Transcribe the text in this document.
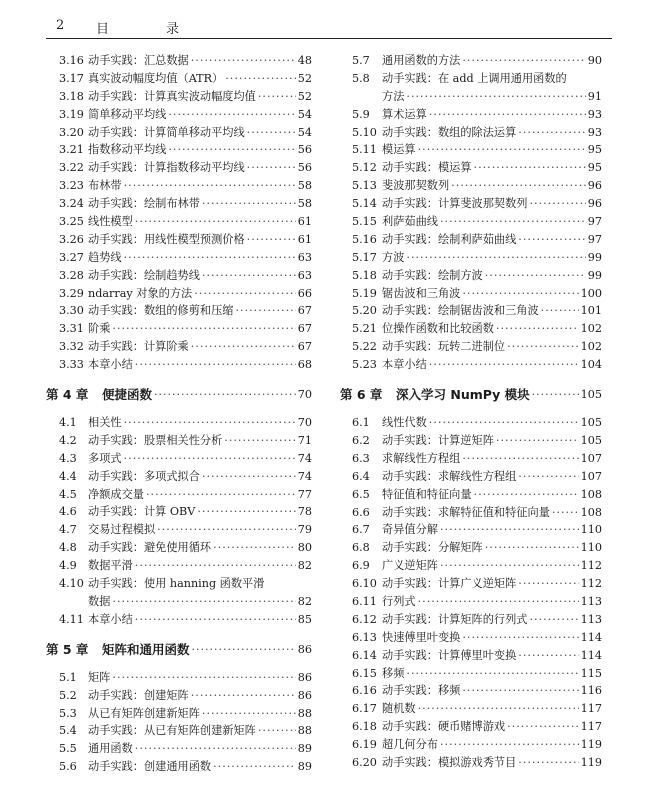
2 目　录
3.16 动手实践：汇总数据 ·····	48
3.17 真实波动幅度均值（ATR） ·····	52
3.18 动手实践：计算真实波动幅度均值 ·····	52
3.19 简单移动平均线 ·····	54
3.20 动手实践：计算简单移动平均线 ·····	54
3.21 指数移动平均线 ·····	56
3.22 动手实践：计算指数移动平均线 ·····	56
3.23 布林带 ·····	58
3.24 动手实践：绘制布林带 ·····	58
3.25 线性模型 ·····	61
3.26 动手实践：用线性模型预测价格 ·····	61
3.27 趋势线 ·····	63
3.28 动手实践：绘制趋势线 ·····	63
3.29 ndarray 对象的方法 ·····	66
3.30 动手实践：数组的修剪和压缩 ·····	67
3.31 阶乘 ·····	67
3.32 动手实践：计算阶乘 ·····	67
3.33 本章小结 ·····	68
第 4 章	便捷函数 ·····	70
4.1	相关性 ·····	70
4.2	动手实践：股票相关性分析 ·····	71
4.3	多项式 ·····	74
4.4	动手实践：多项式拟合 ·····	74
4.5	净额成交量 ·····	77
4.6	动手实践：计算 OBV ·····	78
4.7	交易过程模拟 ·····	79
4.8	动手实践：避免使用循环 ·····	80
4.9	数据平滑 ·····	82
4.10 动手实践：使用 hanning 函数平滑
数据 ·····	82
4.11 本章小结 ·····	85
第 5 章	矩阵和通用函数 ·····	86
5.1	矩阵 ·····	86
5.2	动手实践：创建矩阵 ·····	86
5.3	从已有矩阵创建新矩阵 ·····	88
5.4	动手实践：从已有矩阵创建新矩阵 ·····	88
5.5	通用函数 ·····	89
5.6	动手实践：创建通用函数 ·····	89
5.7	通用函数的方法 ·····	90
5.8	动手实践：在 add 上调用通用函数的
方法 ·····	91
5.9	算术运算 ·····	93
5.10 动手实践：数组的除法运算 ·····	93
5.11 模运算 ·····	95
5.12 动手实践：模运算 ·····	95
5.13 斐波那契数列 ·····	96
5.14 动手实践：计算斐波那契数列 ·····	96
5.15 利萨茹曲线 ·····	97
5.16 动手实践：绘制利萨茹曲线 ·····	97
5.17 方波 ·····	99
5.18 动手实践：绘制方波 ·····	99
5.19 锯齿波和三角波 ·····	100
5.20 动手实践：绘制锯齿波和三角波 ·····	101
5.21 位操作函数和比较函数 ·····	102
5.22 动手实践：玩转二进制位 ·····	102
5.23 本章小结 ·····	104
第 6 章	深入学习 NumPy 模块 ·····	105
6.1	线性代数 ·····	105
6.2	动手实践：计算逆矩阵 ·····	105
6.3	求解线性方程组 ·····	107
6.4	动手实践：求解线性方程组 ·····	107
6.5	特征值和特征向量 ·····	108
6.6	动手实践：求解特征值和特征向量 ·····	108
6.7	奇异值分解 ·····	110
6.8	动手实践：分解矩阵 ·····	110
6.9	广义逆矩阵 ·····	112
6.10 动手实践：计算广义逆矩阵 ·····	112
6.11 行列式 ·····	113
6.12 动手实践：计算矩阵的行列式 ·····	113
6.13 快速傅里叶变换 ·····	114
6.14 动手实践：计算傅里叶变换 ·····	114
6.15 移频 ·····	115
6.16 动手实践：移频 ·····	116
6.17 随机数 ·····	117
6.18 动手实践：硬币赌博游戏 ·····	117
6.19 超几何分布 ·····	119
6.20 动手实践：模拟游戏秀节目 ·····	119
